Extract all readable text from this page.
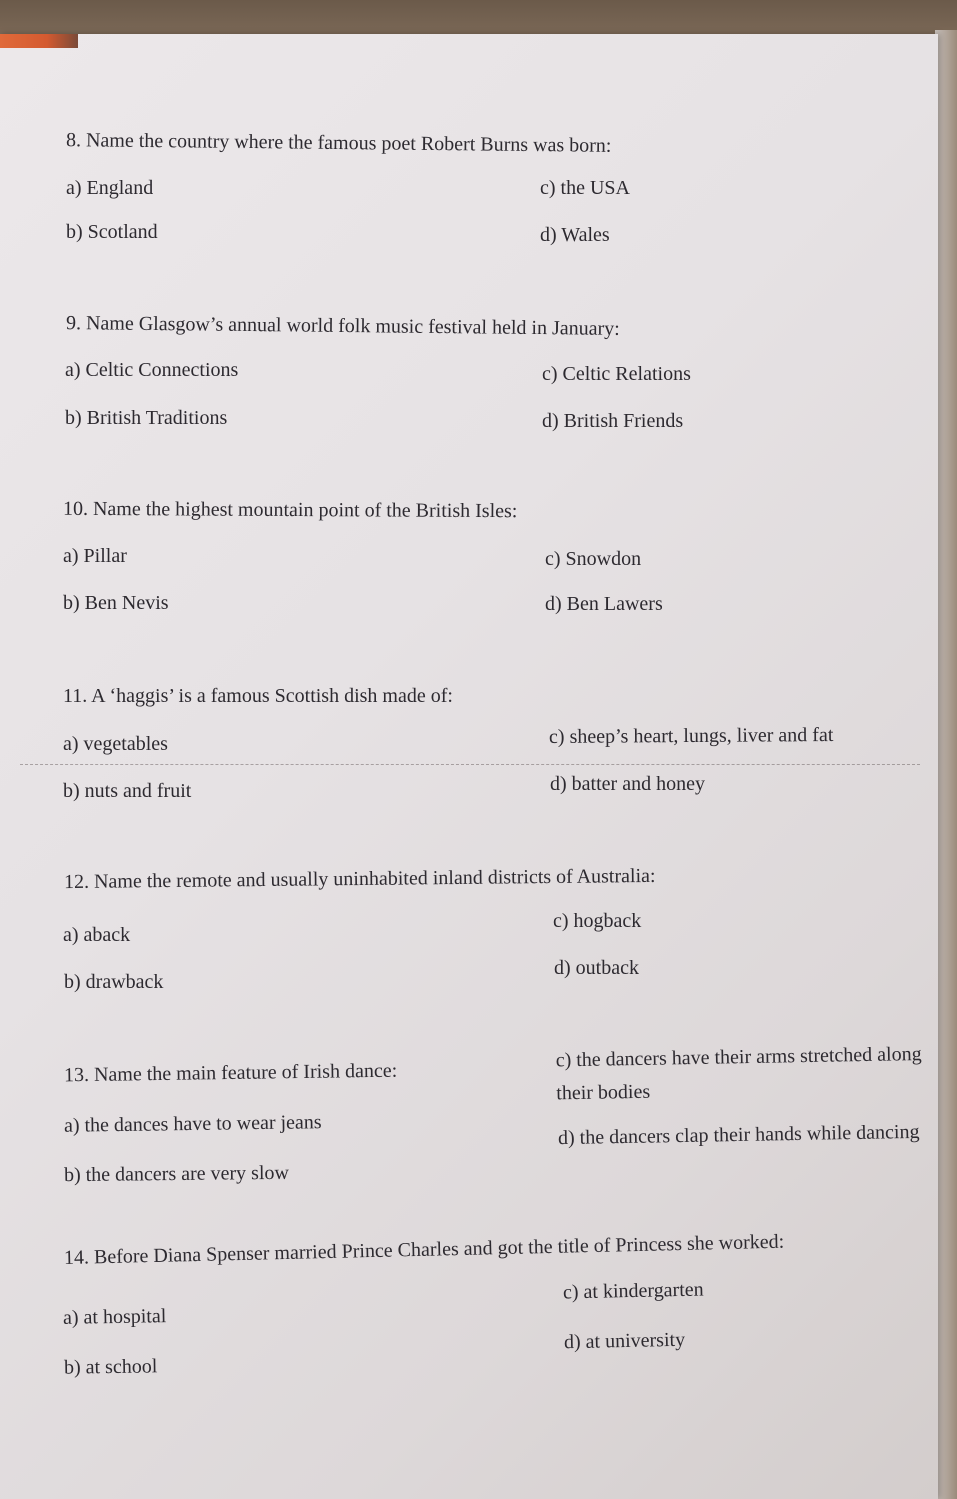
8. Name the country where the famous poet Robert Burns was born:
a) England
b) Scotland
c) the USA
d) Wales
9. Name Glasgow’s annual world folk music festival held in January:
a) Celtic Connections
b) British Traditions
c) Celtic Relations
d) British Friends
10. Name the highest mountain point of the British Isles:
a) Pillar
b) Ben Nevis
c) Snowdon
d) Ben Lawers
11. A ‘haggis’ is a famous Scottish dish made of:
a) vegetables
b) nuts and fruit
c) sheep’s heart, lungs, liver and fat
d) batter and honey
12. Name the remote and usually uninhabited inland districts of Australia:
a) aback
b) drawback
c) hogback
d) outback
13. Name the main feature of Irish dance:
a) the dances have to wear jeans
b) the dancers are very slow
c) the dancers have their arms stretched along their bodies
d) the dancers clap their hands while dancing
14. Before Diana Spenser married Prince Charles and got the title of Princess she worked:
a) at hospital
b) at school
c) at kindergarten
d) at university
